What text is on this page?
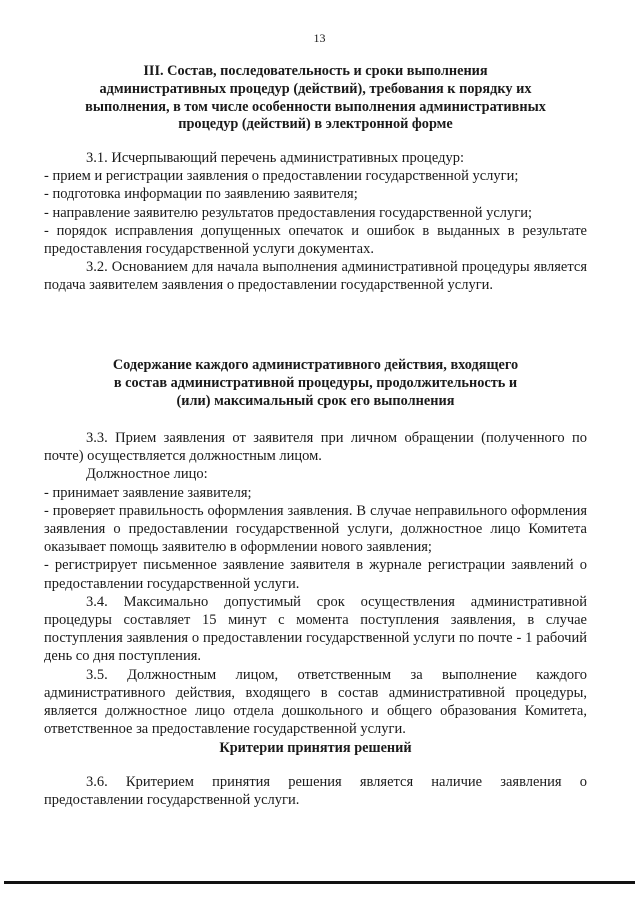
13
III. Состав, последовательность и сроки выполнения
административных процедур (действий), требования к порядку их
выполнения, в том числе особенности выполнения административных
процедур (действий) в электронной форме

3.1. Исчерпывающий перечень административных процедур:

- прием и регистрации заявления о предоставлении государственной услуги;

- подготовка информации по заявлению заявителя;

- направление заявителю результатов предоставления государственной услуги;

- порядок исправления допущенных опечаток и ошибок в выданных в результате предоставления государственной услуги документах.

3.2. Основанием для начала выполнения административной процедуры является подача заявителем заявления о предоставлении государственной услуги.

Содержание каждого административного действия, входящего
в состав административной процедуры, продолжительность и
(или) максимальный срок его выполнения

3.3. Прием заявления от заявителя при личном обращении (полученного по почте) осуществляется должностным лицом.

Должностное лицо:

- принимает заявление заявителя;

- проверяет правильность оформления заявления. В случае неправильного оформления заявления о предоставлении государственной услуги, должностное лицо Комитета оказывает помощь заявителю в оформлении нового заявления;

- регистрирует письменное заявление заявителя в журнале регистрации заявлений о предоставлении государственной услуги.

3.4. Максимально допустимый срок осуществления административной процедуры составляет 15 минут с момента поступления заявления, в случае поступления заявления о предоставлении государственной услуги по почте - 1 рабочий день со дня поступления.

3.5. Должностным лицом, ответственным за выполнение каждого административного действия, входящего в состав административной процедуры, является должностное лицо отдела дошкольного и общего образования Комитета, ответственное за предоставление государственной услуги.

Критерии принятия решений

3.6. Критерием принятия решения является наличие заявления о предоставлении государственной услуги.
